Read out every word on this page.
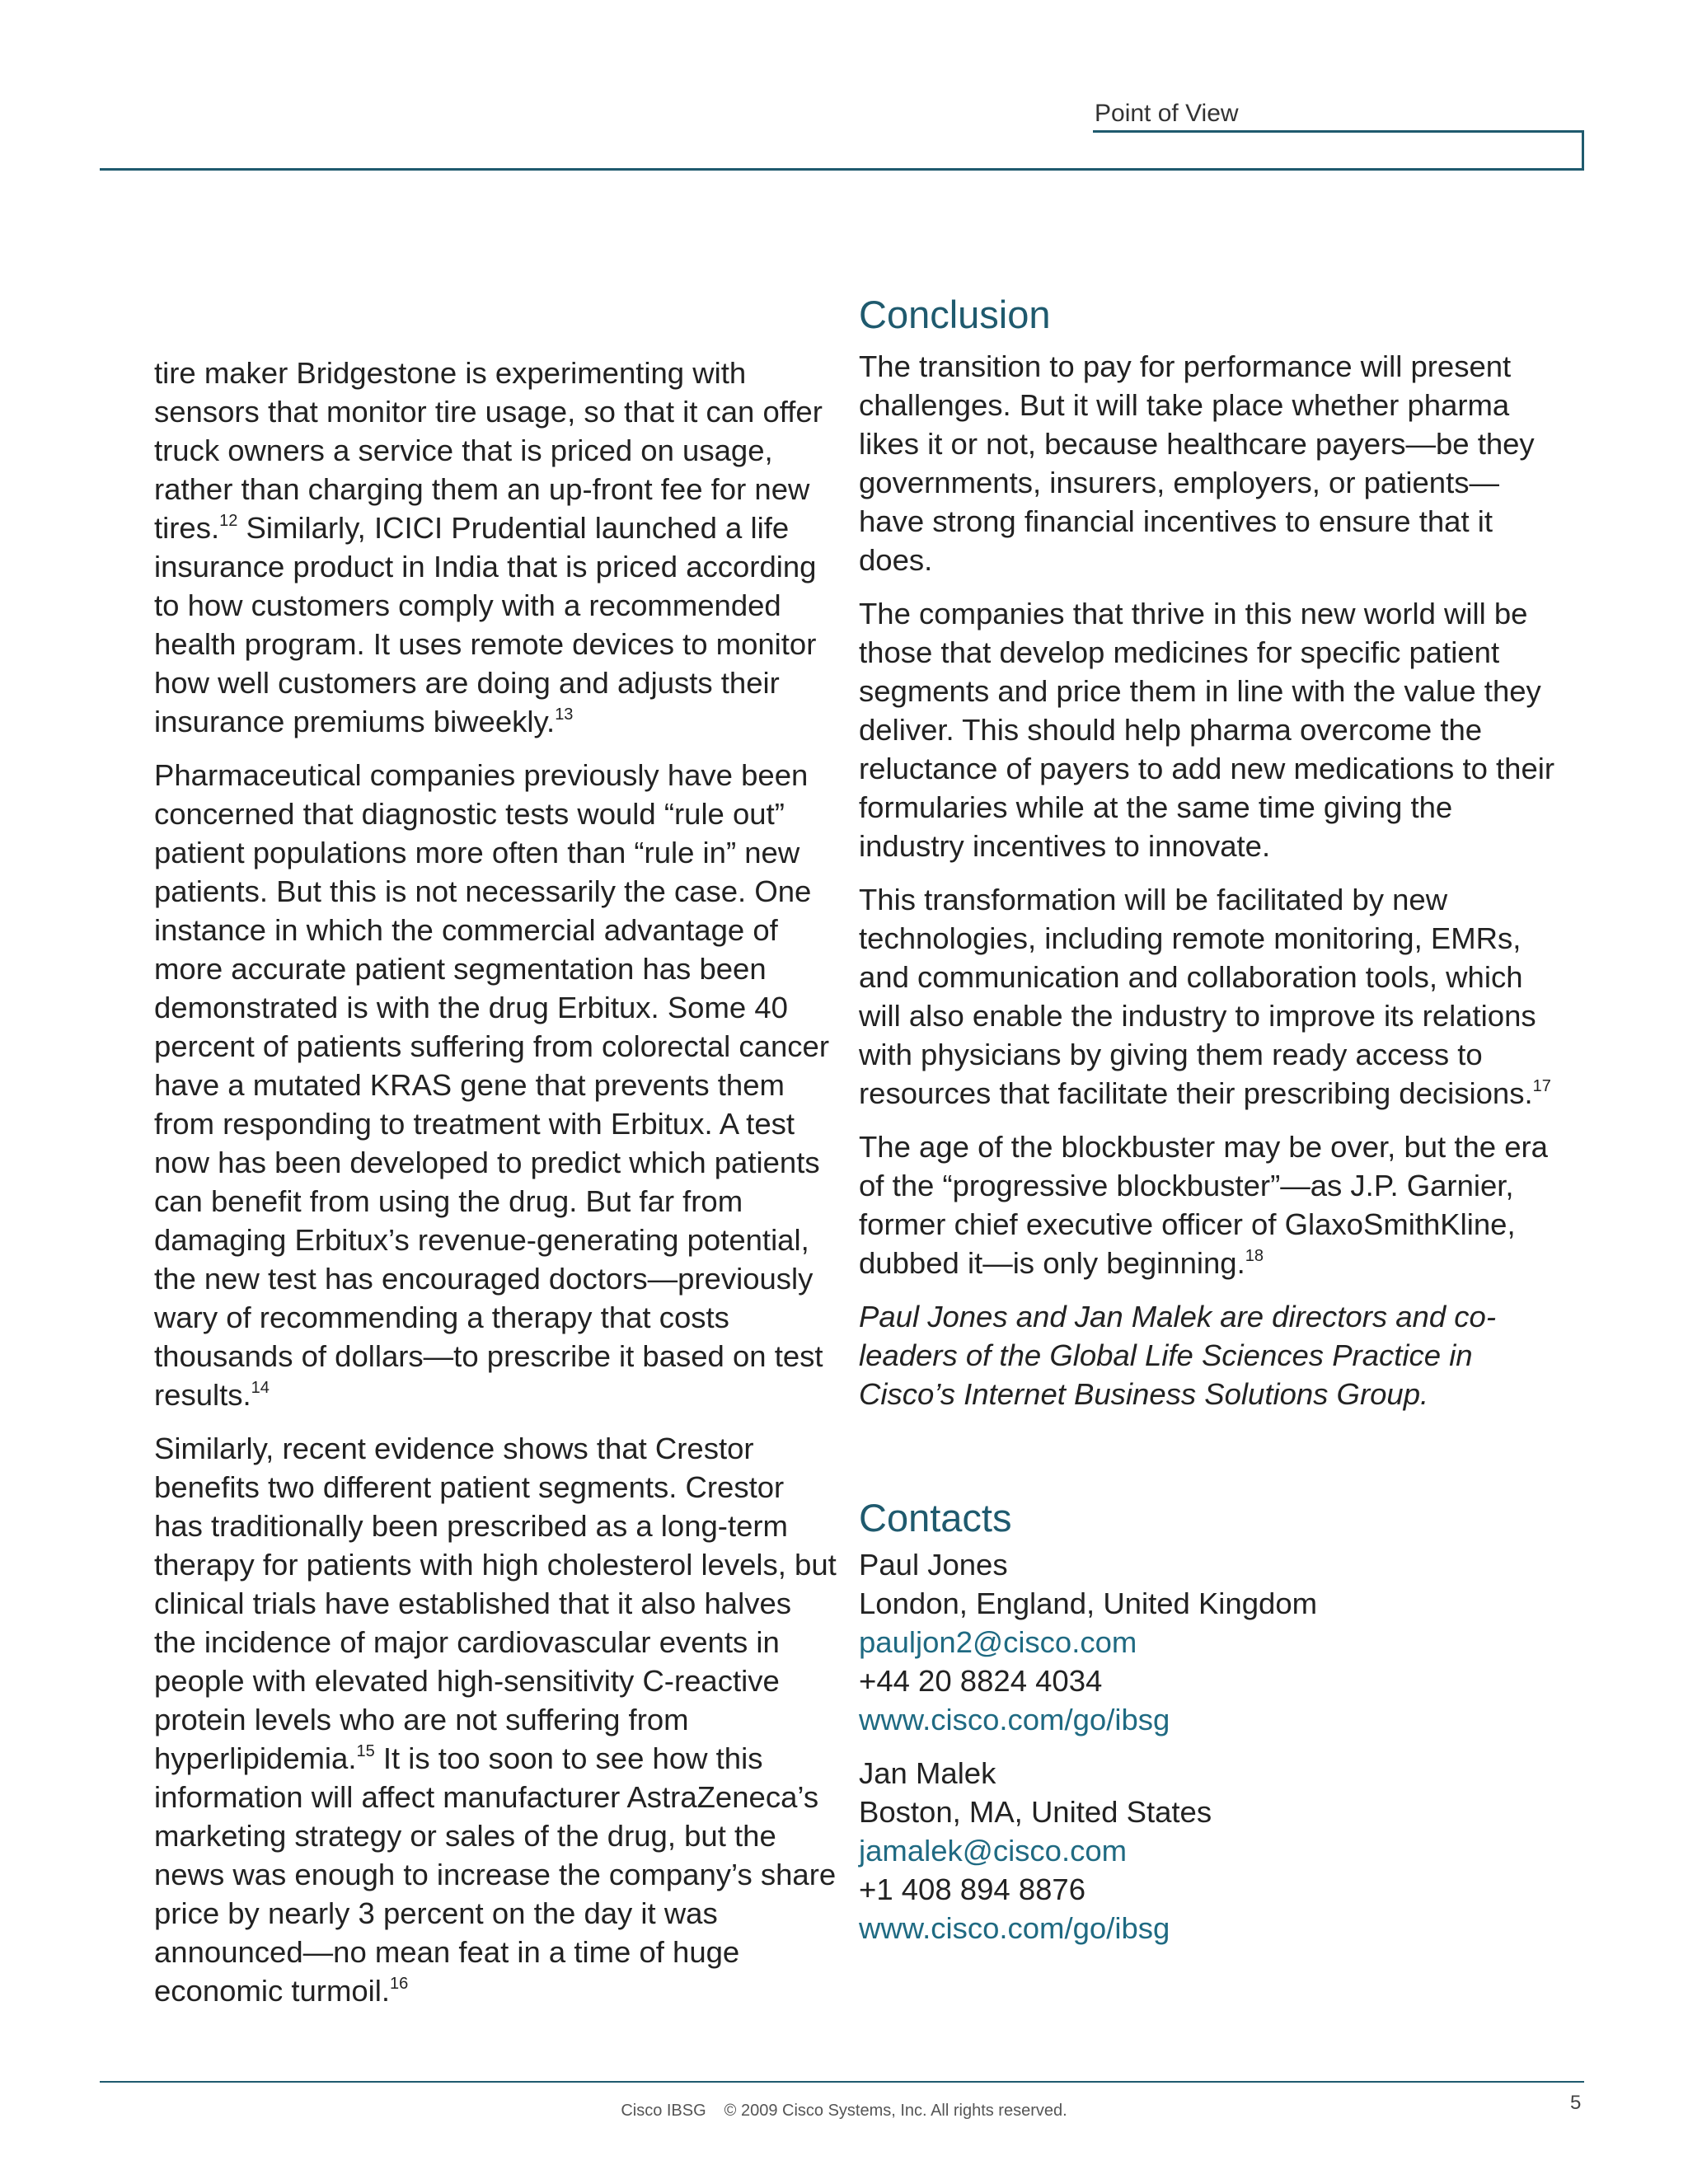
Point of View

tire maker Bridgestone is experimenting with sensors that monitor tire usage, so that it can offer truck owners a service that is priced on usage, rather than charging them an up-front fee for new tires.$^{12}$ Similarly, ICICI Prudential launched a life insurance product in India that is priced according to how customers comply with a recommended health program. It uses remote devices to monitor how well customers are doing and adjusts their insurance premiums biweekly.$^{13}$

Pharmaceutical companies previously have been concerned that diagnostic tests would “rule out” patient populations more often than “rule in” new patients. But this is not necessarily the case. One instance in which the commercial advantage of more accurate patient segmentation has been demonstrated is with the drug Erbitux. Some 40 percent of patients suffering from colorectal cancer have a mutated KRAS gene that prevents them from responding to treatment with Erbitux. A test now has been developed to predict which patients can benefit from using the drug. But far from damaging Erbitux’s revenue-generating potential, the new test has encouraged doctors—previously wary of recommending a therapy that costs thousands of dollars—to prescribe it based on test results.$^{14}$

Similarly, recent evidence shows that Crestor benefits two different patient segments. Crestor has traditionally been prescribed as a long-term therapy for patients with high cholesterol levels, but clinical trials have established that it also halves the incidence of major cardiovascular events in people with elevated high-sensitivity C-reactive protein levels who are not suffering from hyperlipidemia.$^{15}$ It is too soon to see how this information will affect manufacturer AstraZeneca’s marketing strategy or sales of the drug, but the news was enough to increase the company’s share price by nearly 3 percent on the day it was announced—no mean feat in a time of huge economic turmoil.$^{16}$

Conclusion

The transition to pay for performance will present challenges. But it will take place whether pharma likes it or not, because healthcare payers—be they governments, insurers, employers, or patients—have strong financial incentives to ensure that it does.

The companies that thrive in this new world will be those that develop medicines for specific patient segments and price them in line with the value they deliver. This should help pharma overcome the reluctance of payers to add new medications to their formularies while at the same time giving the industry incentives to innovate.

This transformation will be facilitated by new technologies, including remote monitoring, EMRs, and communication and collaboration tools, which will also enable the industry to improve its relations with physicians by giving them ready access to resources that facilitate their prescribing decisions.$^{17}$

The age of the blockbuster may be over, but the era of the “progressive blockbuster”—as J.P. Garnier, former chief executive officer of GlaxoSmithKline, dubbed it—is only beginning.$^{18}$

Paul Jones and Jan Malek are directors and co-leaders of the Global Life Sciences Practice in Cisco’s Internet Business Solutions Group.

Contacts
Paul Jones
London, England, United Kingdom
pauljon2@cisco.com
+44 20 8824 4034
www.cisco.com/go/ibsg
Jan Malek
Boston, MA, United States
jamalek@cisco.com
+1 408 894 8876
www.cisco.com/go/ibsg
Cisco IBSG © 2009 Cisco Systems, Inc. All rights reserved.	5
